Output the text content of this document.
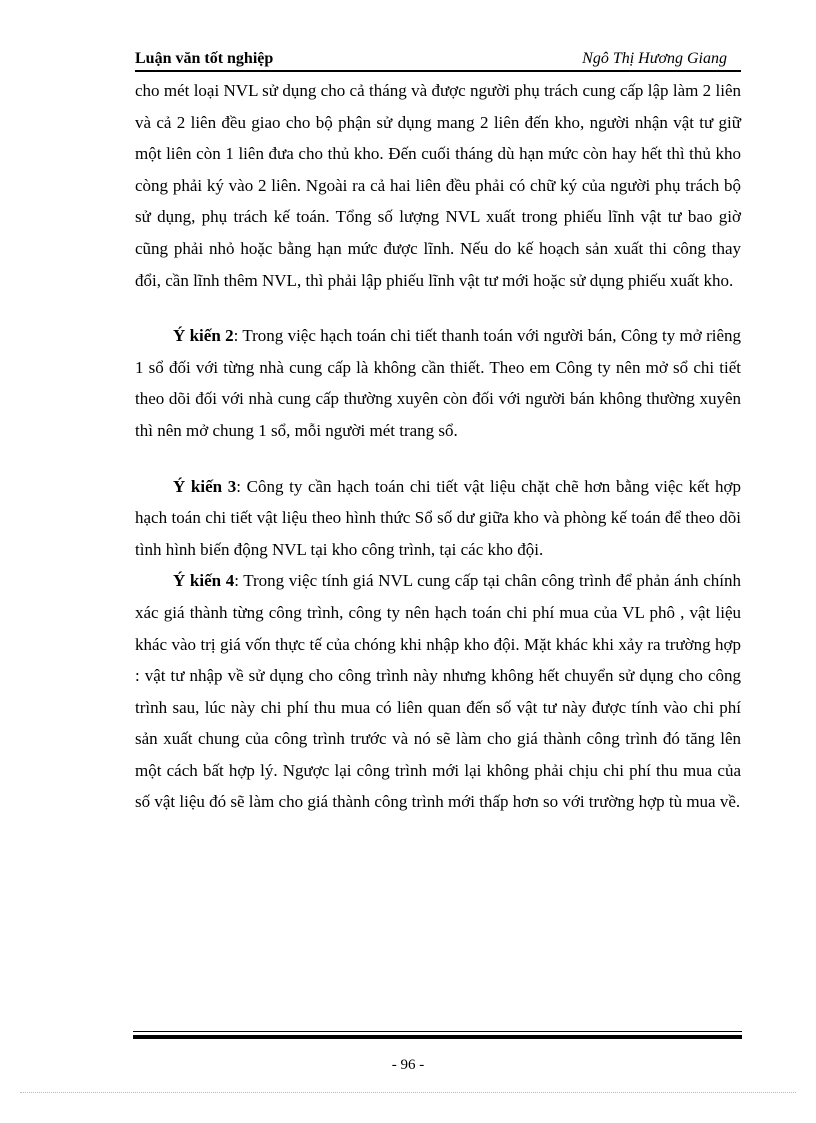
Luận văn tốt nghiệp	Ngô Thị Hương Giang

cho mét loại NVL sử dụng cho cả tháng và được người phụ trách cung cấp lập làm 2 liên và cả 2 liên đều giao cho bộ phận sử dụng mang 2 liên đến kho, người nhận vật tư giữ một liên còn 1 liên đưa cho thủ kho. Đến cuối tháng dù hạn mức còn hay hết thì thủ kho còng phải ký vào 2 liên. Ngoài ra cả hai liên đều phải có chữ ký của người phụ trách bộ sử dụng, phụ trách kế toán. Tổng số lượng NVL xuất trong phiếu lĩnh vật tư bao giờ cũng phải nhỏ hoặc bằng hạn mức được lĩnh. Nếu do kế hoạch sản xuất thi công thay đổi, cần lĩnh thêm NVL, thì phải lập phiếu lĩnh vật tư mới hoặc sử dụng phiếu xuất kho.

Ý kiến 2: Trong việc hạch toán chi tiết thanh toán với người bán, Công ty mở riêng 1 sổ đối với từng nhà cung cấp là không cần thiết. Theo em Công ty nên mở sổ chi tiết theo dõi đối với nhà cung cấp thường xuyên còn đối với người bán không thường xuyên thì nên mở chung 1 sổ, mỗi người mét trang sổ.

Ý kiến 3: Công ty cần hạch toán chi tiết vật liệu chặt chẽ hơn bằng việc kết hợp hạch toán chi tiết vật liệu theo hình thức Sổ số dư giữa kho và phòng kế toán để theo dõi tình hình biến động NVL tại kho công trình, tại các kho đội.

Ý kiến 4: Trong việc tính giá NVL cung cấp tại chân công trình để phản ánh chính xác giá thành từng công trình, công ty nên hạch toán chi phí mua của VL phô , vật liệu khác vào trị giá vốn thực tế của chóng khi nhập kho đội. Mặt khác khi xảy ra trường hợp : vật tư nhập về sử dụng cho công trình này nhưng không hết chuyển sử dụng cho công trình sau, lúc này chi phí thu mua có liên quan đến số vật tư này được tính vào chi phí sản xuất chung của công trình trước và nó sẽ làm cho giá thành công trình đó tăng lên một cách bất hợp lý. Ngược lại công trình mới lại không phải chịu chi phí thu mua của số vật liệu đó sẽ làm cho giá thành công trình mới thấp hơn so với trường hợp tù mua về.

- 96 -
